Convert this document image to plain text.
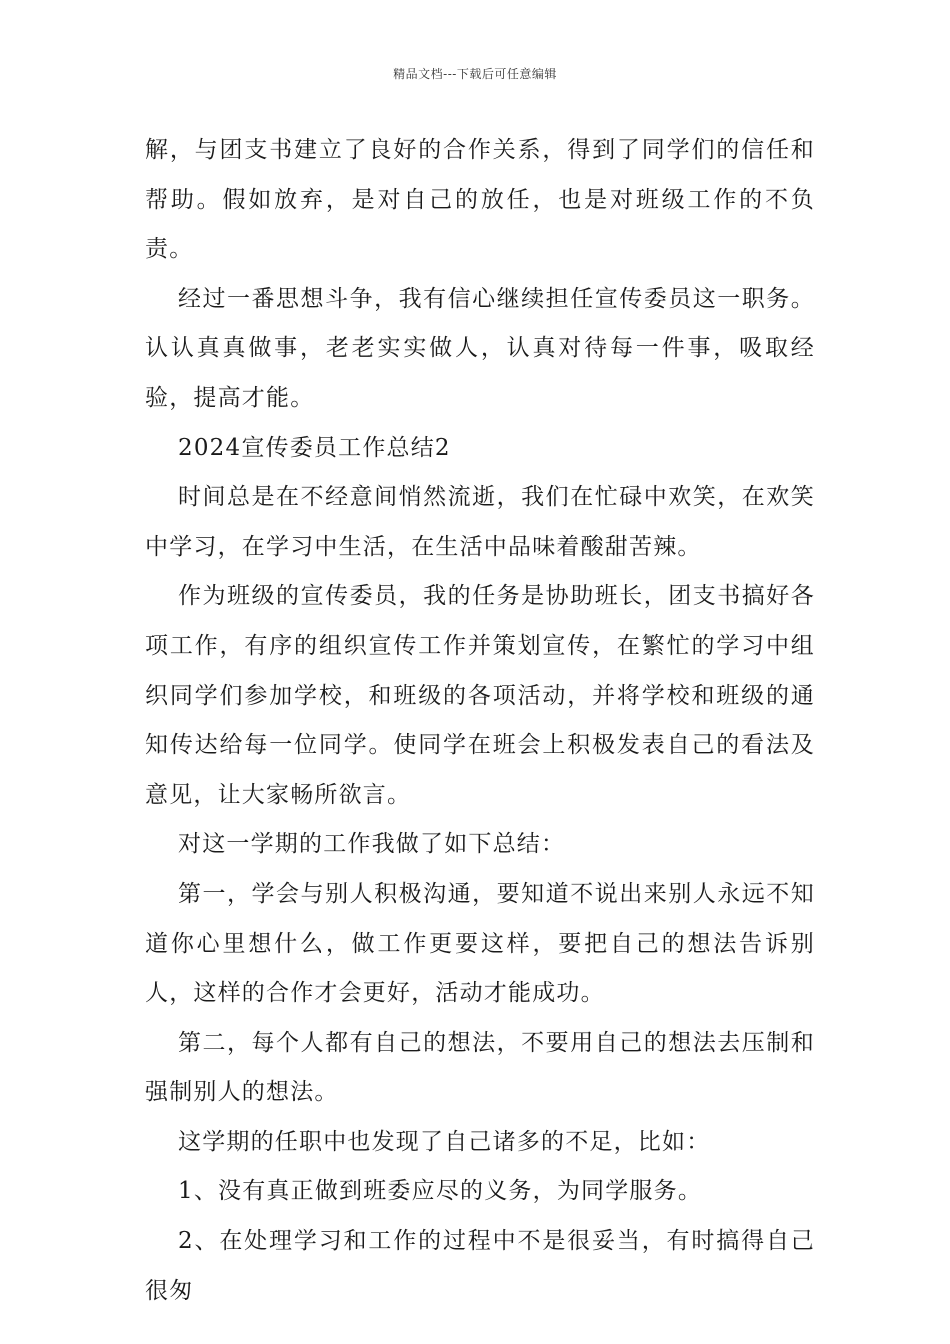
精品文档---下载后可任意编辑

解，与团支书建立了良好的合作关系，得到了同学们的信任和帮助。假如放弃，是对自己的放任，也是对班级工作的不负责。

经过一番思想斗争，我有信心继续担任宣传委员这一职务。认认真真做事，老老实实做人，认真对待每一件事，吸取经验，提高才能。

2024宣传委员工作总结2

时间总是在不经意间悄然流逝，我们在忙碌中欢笑，在欢笑中学习，在学习中生活，在生活中品味着酸甜苦辣。

作为班级的宣传委员，我的任务是协助班长，团支书搞好各项工作，有序的组织宣传工作并策划宣传，在繁忙的学习中组织同学们参加学校，和班级的各项活动，并将学校和班级的通知传达给每一位同学。使同学在班会上积极发表自己的看法及意见，让大家畅所欲言。

对这一学期的工作我做了如下总结：

第一，学会与别人积极沟通，要知道不说出来别人永远不知道你心里想什么，做工作更要这样，要把自己的想法告诉别人，这样的合作才会更好，活动才能成功。

第二，每个人都有自己的想法，不要用自己的想法去压制和强制别人的想法。

这学期的任职中也发现了自己诸多的不足，比如：

1、没有真正做到班委应尽的义务，为同学服务。

2、在处理学习和工作的过程中不是很妥当，有时搞得自己很匆
